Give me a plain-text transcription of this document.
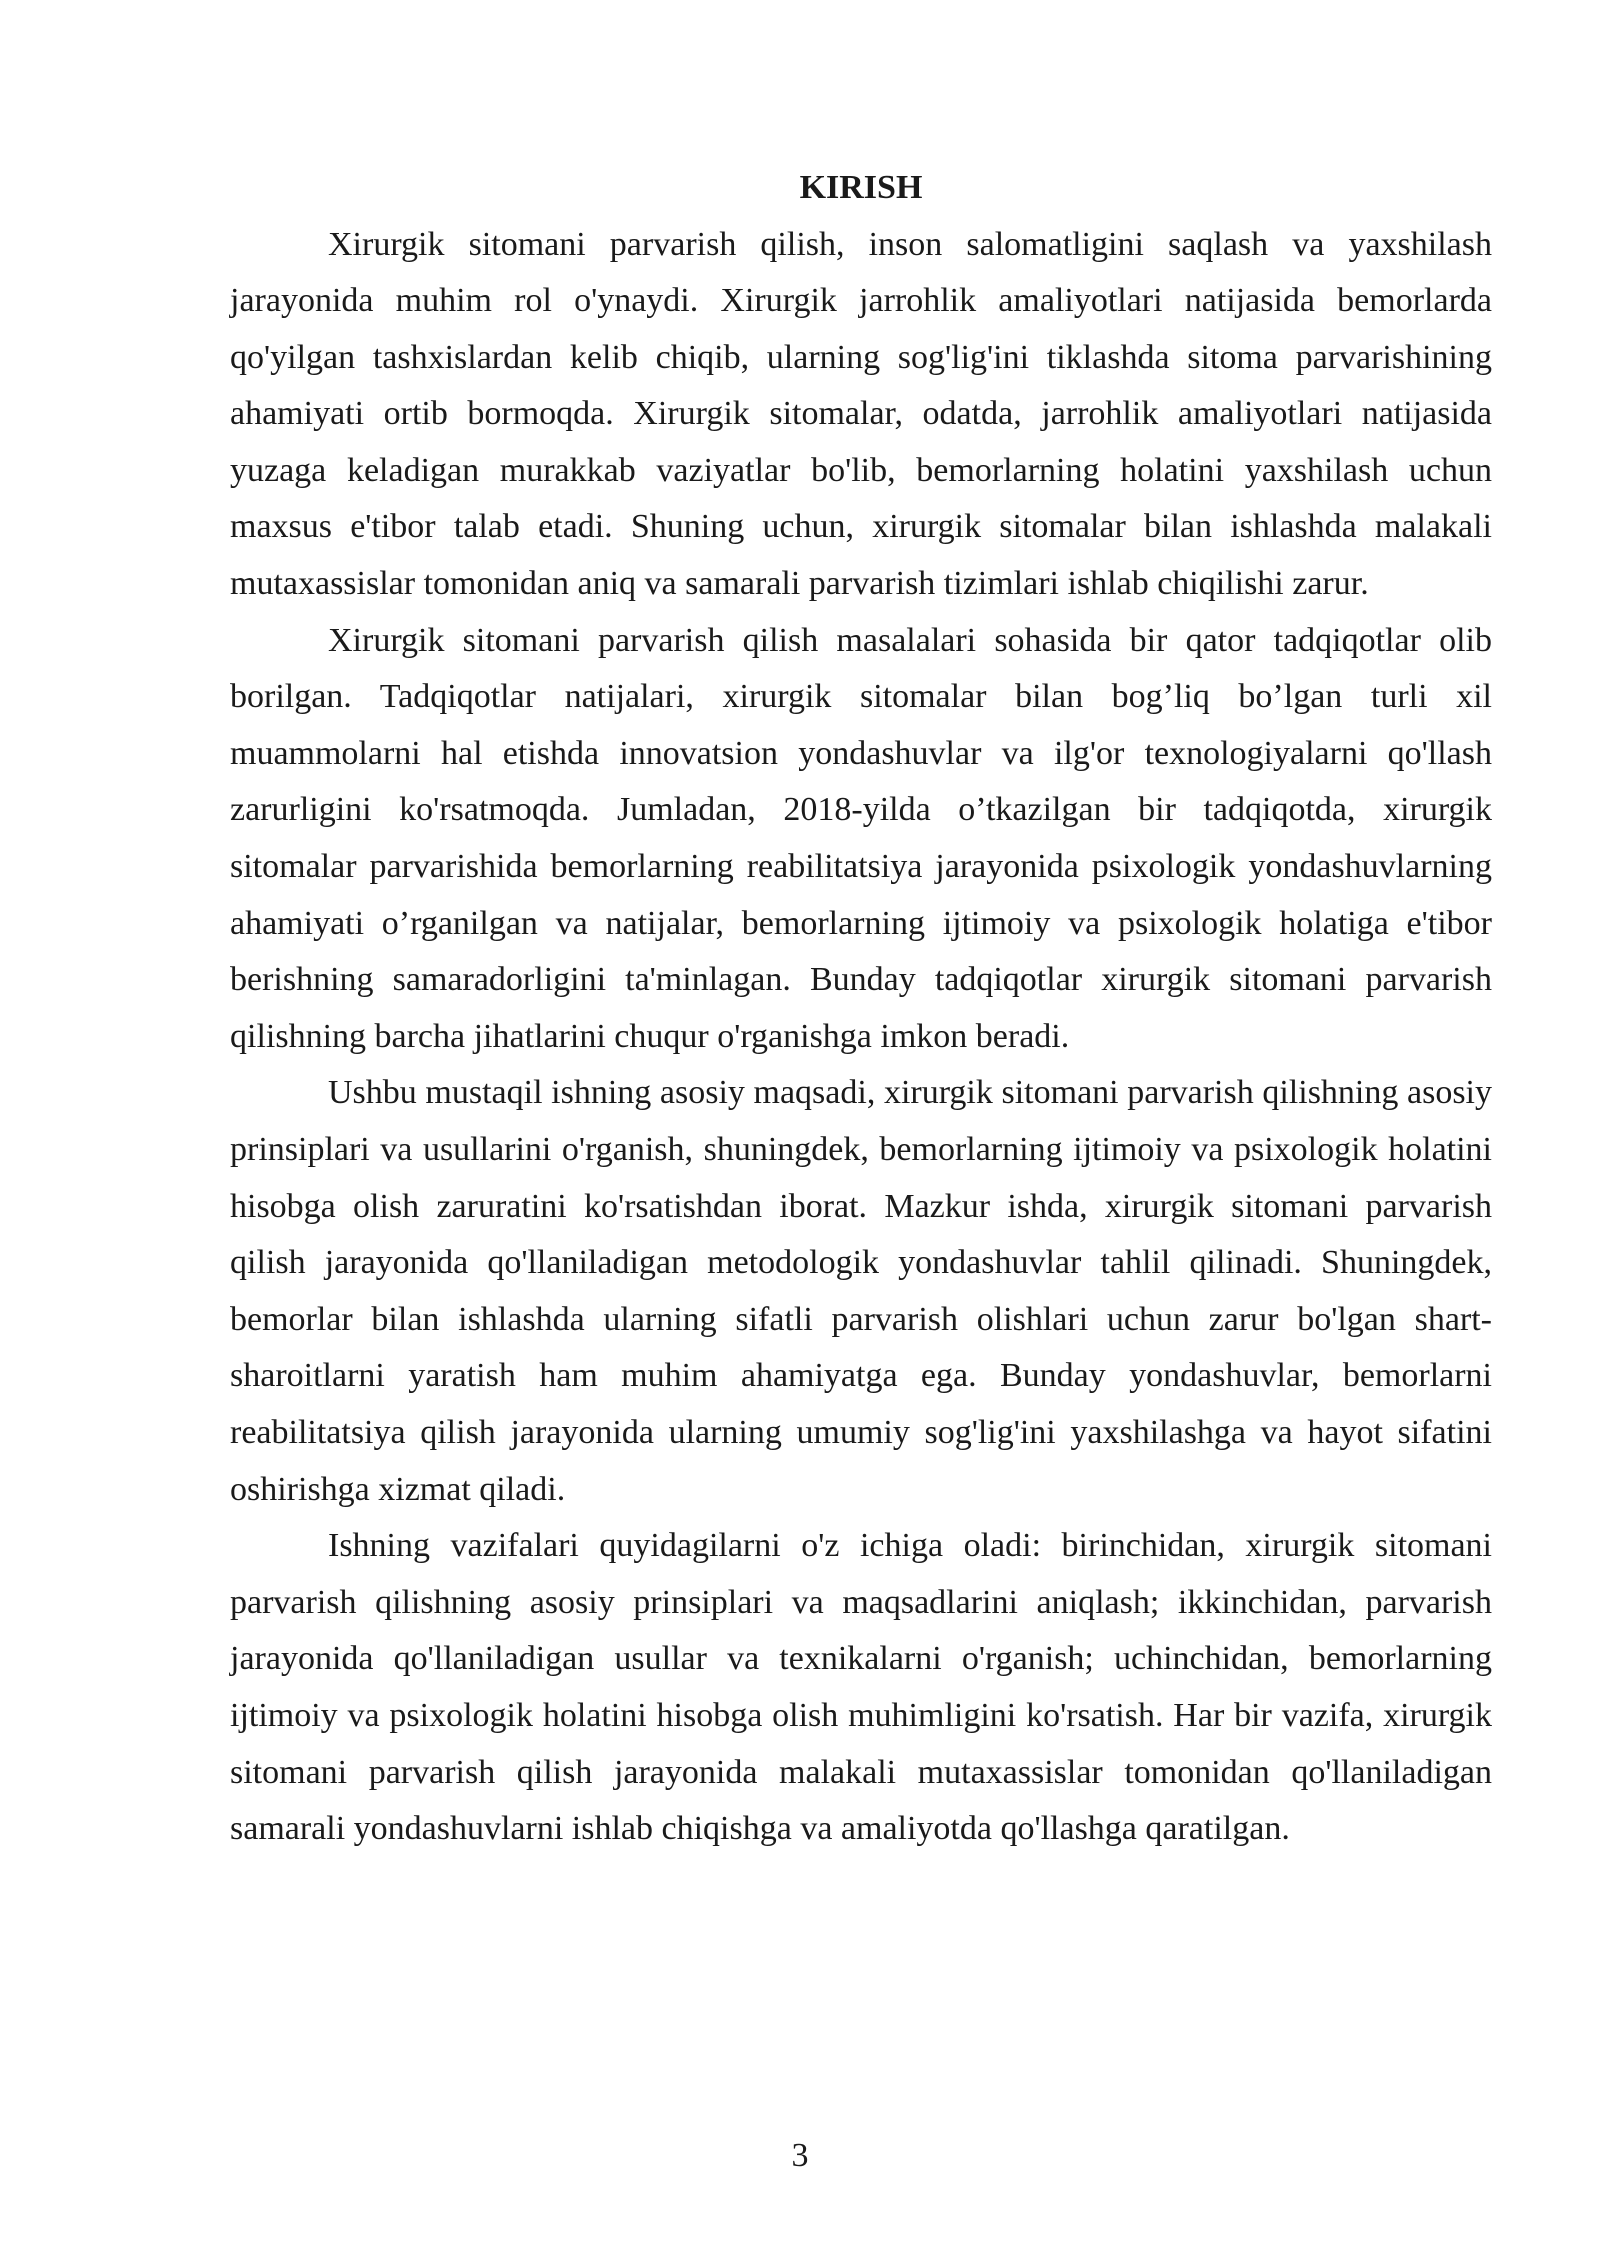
KIRISH

Xirurgik sitomani parvarish qilish, inson salomatligini saqlash va yaxshilash jarayonida muhim rol o'ynaydi. Xirurgik jarrohlik amaliyotlari natijasida bemorlarda qo'yilgan tashxislardan kelib chiqib, ularning sog'lig'ini tiklashda sitoma parvarishining ahamiyati ortib bormoqda. Xirurgik sitomalar, odatda, jarrohlik amaliyotlari natijasida yuzaga keladigan murakkab vaziyatlar bo'lib, bemorlarning holatini yaxshilash uchun maxsus e'tibor talab etadi. Shuning uchun, xirurgik sitomalar bilan ishlashda malakali mutaxassislar tomonidan aniq va samarali parvarish tizimlari ishlab chiqilishi zarur.

Xirurgik sitomani parvarish qilish masalalari sohasida bir qator tadqiqotlar olib borilgan. Tadqiqotlar natijalari, xirurgik sitomalar bilan bog’liq bo’lgan turli xil muammolarni hal etishda innovatsion yondashuvlar va ilg'or texnologiyalarni qo'llash zarurligini ko'rsatmoqda. Jumladan, 2018-yilda o’tkazilgan bir tadqiqotda, xirurgik sitomalar parvarishida bemorlarning reabilitatsiya jarayonida psixologik yondashuvlarning ahamiyati o’rganilgan va natijalar, bemorlarning ijtimoiy va psixologik holatiga e'tibor berishning samaradorligini ta'minlagan. Bunday tadqiqotlar xirurgik sitomani parvarish qilishning barcha jihatlarini chuqur o'rganishga imkon beradi.

Ushbu mustaqil ishning asosiy maqsadi, xirurgik sitomani parvarish qilishning asosiy prinsiplari va usullarini o'rganish, shuningdek, bemorlarning ijtimoiy va psixologik holatini hisobga olish zaruratini ko'rsatishdan iborat. Mazkur ishda, xirurgik sitomani parvarish qilish jarayonida qo'llaniladigan metodologik yondashuvlar tahlil qilinadi. Shuningdek, bemorlar bilan ishlashda ularning sifatli parvarish olishlari uchun zarur bo'lgan shart-sharoitlarni yaratish ham muhim ahamiyatga ega. Bunday yondashuvlar, bemorlarni reabilitatsiya qilish jarayonida ularning umumiy sog'lig'ini yaxshilashga va hayot sifatini oshirishga xizmat qiladi.

Ishning vazifalari quyidagilarni o'z ichiga oladi: birinchidan, xirurgik sitomani parvarish qilishning asosiy prinsiplari va maqsadlarini aniqlash; ikkinchidan, parvarish jarayonida qo'llaniladigan usullar va texnikalarni o'rganish; uchinchidan, bemorlarning ijtimoiy va psixologik holatini hisobga olish muhimligini ko'rsatish. Har bir vazifa, xirurgik sitomani parvarish qilish jarayonida malakali mutaxassislar tomonidan qo'llaniladigan samarali yondashuvlarni ishlab chiqishga va amaliyotda qo'llashga qaratilgan.

3
